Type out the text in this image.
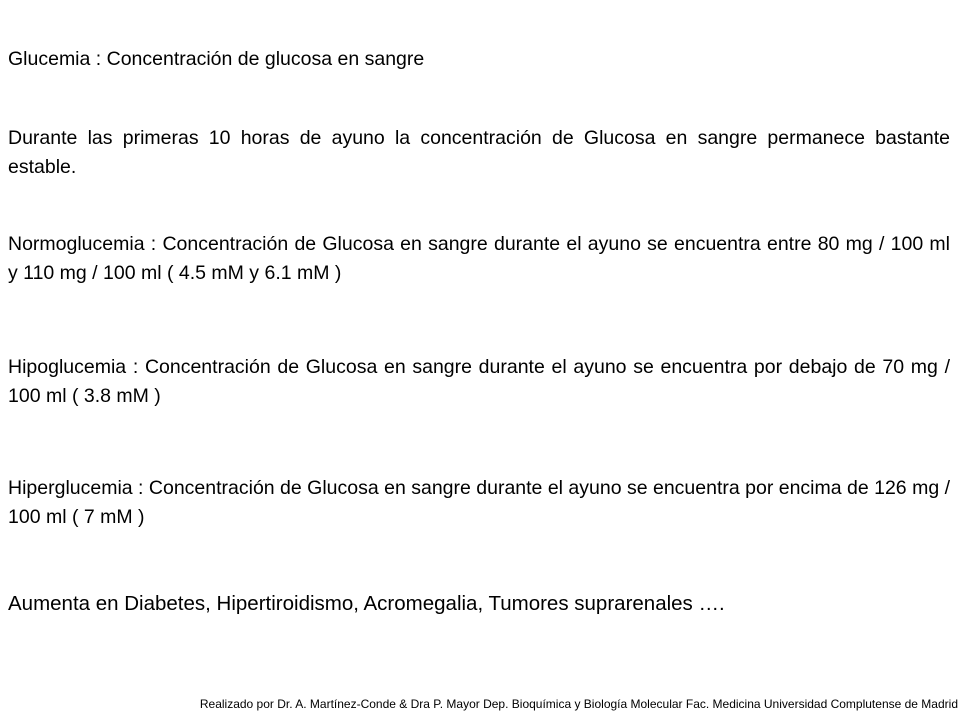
Glucemia : Concentración de glucosa en sangre

Durante las primeras 10 horas de ayuno la concentración de Glucosa en sangre permanece bastante estable.

Normoglucemia : Concentración de Glucosa en sangre durante el ayuno se encuentra entre 80 mg / 100 ml y 110 mg / 100 ml ( 4.5 mM y 6.1 mM )

Hipoglucemia : Concentración de Glucosa en sangre durante el ayuno se encuentra por debajo de 70 mg / 100 ml ( 3.8 mM )

Hiperglucemia : Concentración de Glucosa en sangre durante el ayuno se encuentra por encima de 126 mg / 100 ml ( 7 mM )

Aumenta en Diabetes, Hipertiroidismo, Acromegalia, Tumores suprarenales ….

Realizado por Dr. A. Martínez-Conde & Dra P. Mayor Dep. Bioquímica y Biología Molecular Fac. Medicina Universidad Complutense de Madrid
